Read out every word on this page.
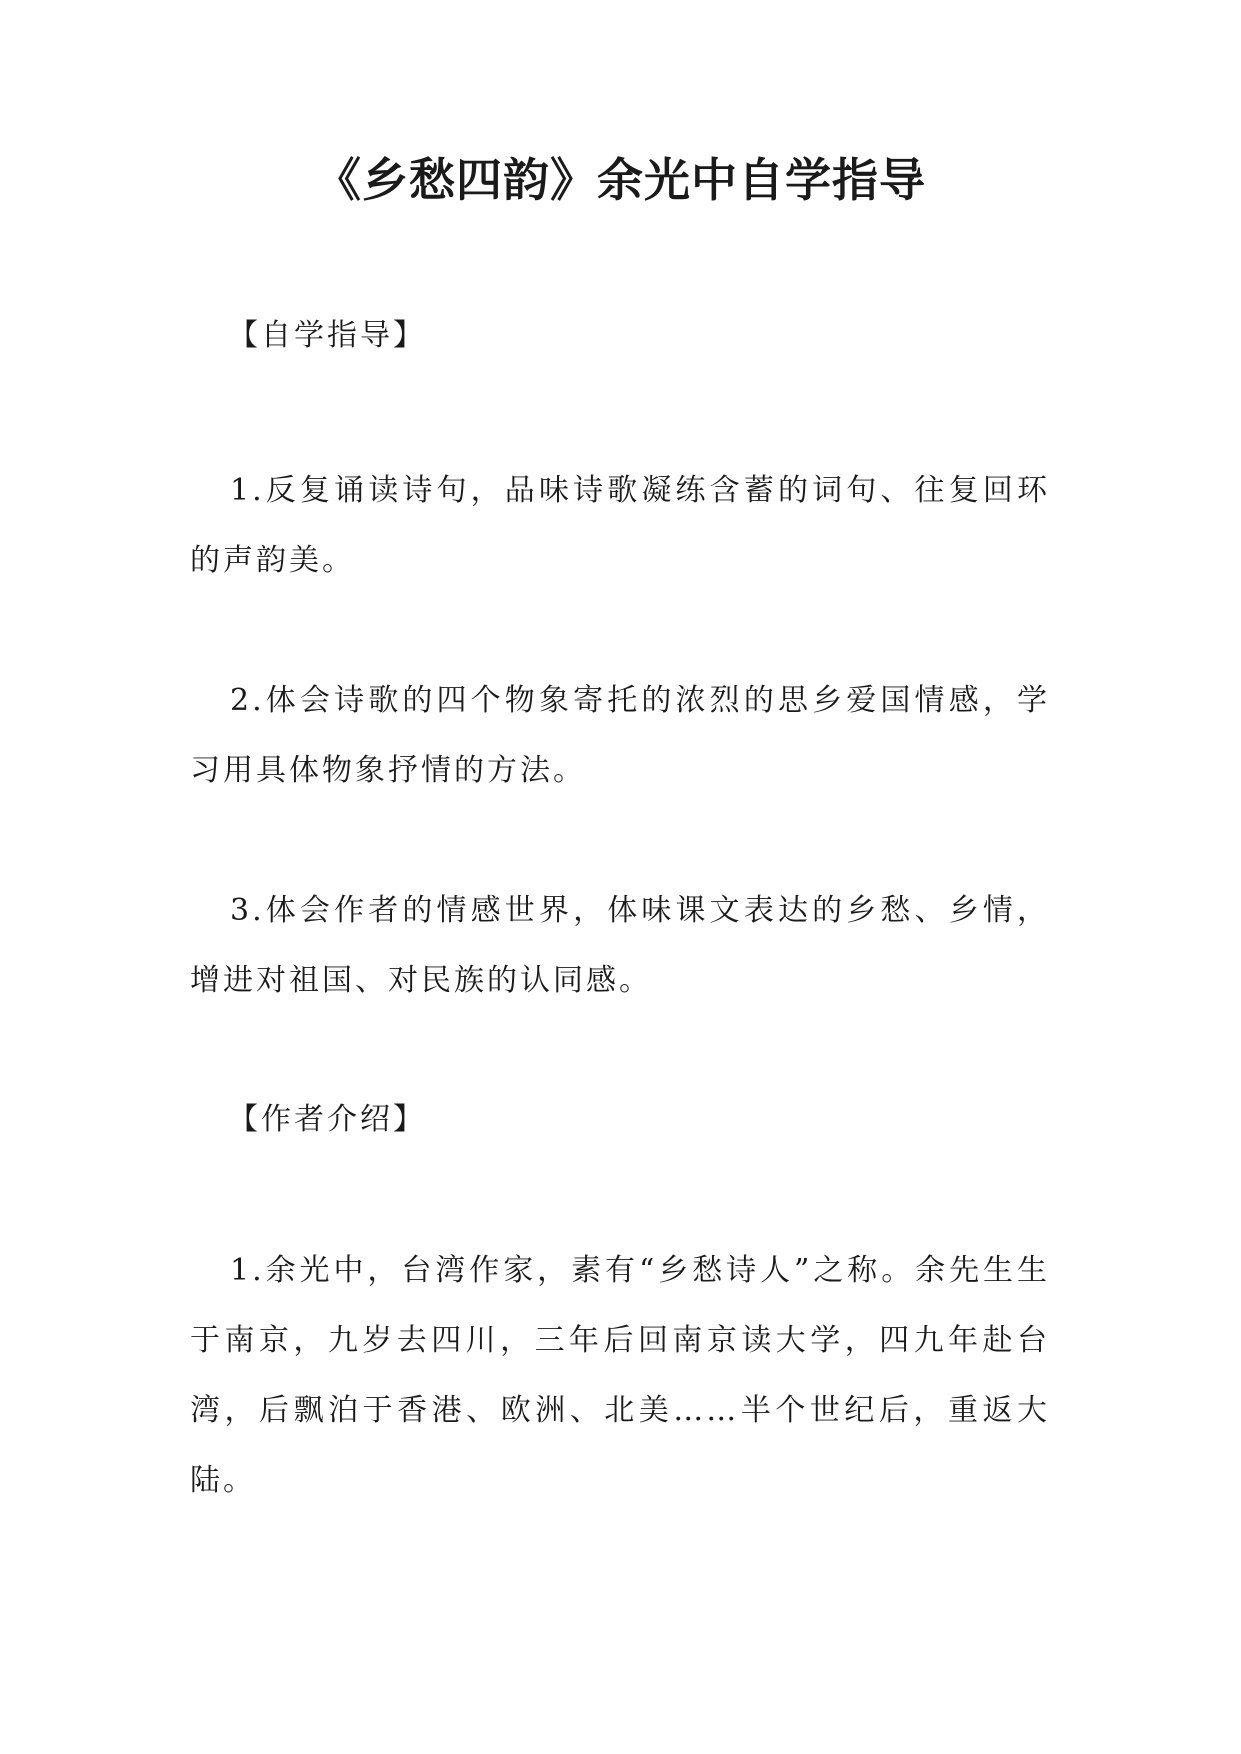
《乡愁四韵》余光中自学指导

【自学指导】

1.反复诵读诗句，品味诗歌凝练含蓄的词句、往复回环的声韵美。

2.体会诗歌的四个物象寄托的浓烈的思乡爱国情感，学习用具体物象抒情的方法。

3.体会作者的情感世界，体味课文表达的乡愁、乡情，增进对祖国、对民族的认同感。

【作者介绍】

1.余光中，台湾作家，素有“乡愁诗人”之称。余先生生于南京，九岁去四川，三年后回南京读大学，四九年赴台湾，后飘泊于香港、欧洲、北美……半个世纪后，重返大陆。
